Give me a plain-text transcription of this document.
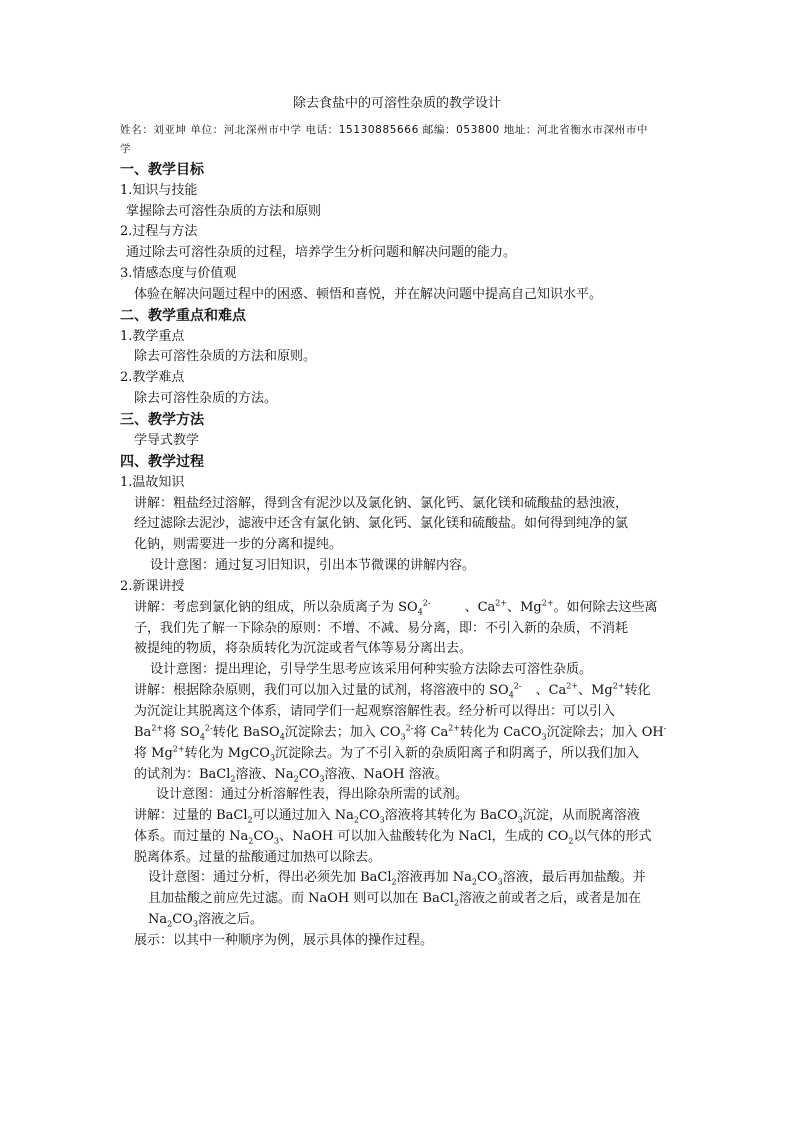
除去食盐中的可溶性杂质的教学设计
姓名：刘亚坤 单位：河北深州市中学 电话：15130885666 邮编：053800 地址：河北省衡水市深州市中
学
一、教学目标
1.知识与技能
掌握除去可溶性杂质的方法和原则
2.过程与方法
通过除去可溶性杂质的过程，培养学生分析问题和解决问题的能力。
3.情感态度与价值观
体验在解决问题过程中的困惑、顿悟和喜悦，并在解决问题中提高自己知识水平。
二、教学重点和难点
1.教学重点
除去可溶性杂质的方法和原则。
2.教学难点
除去可溶性杂质的方法。
三、教学方法
学导式教学
四、教学过程
1.温故知识
讲解：粗盐经过溶解，得到含有泥沙以及氯化钠、氯化钙、氯化镁和硫酸盐的悬浊液，
经过滤除去泥沙，滤液中还含有氯化钠、氯化钙、氯化镁和硫酸盐。如何得到纯净的氯
化钠，则需要进一步的分离和提纯。
设计意图：通过复习旧知识，引出本节微课的讲解内容。
2.新课讲授
讲解：考虑到氯化钠的组成，所以杂质离子为 $SO_4^{2-}$	、$Ca^{2+}$、$Mg^{2+}$。如何除去这些离
子，我们先了解一下除杂的原则：不增、不减、易分离，即：不引入新的杂质，不消耗
被提纯的物质，将杂质转化为沉淀或者气体等易分离出去。
设计意图：提出理论，引导学生思考应该采用何种实验方法除去可溶性杂质。
讲解：根据除杂原则，我们可以加入过量的试剂，将溶液中的 $SO_4^{2-}$ 、$Ca^{2+}$、$Mg^{2+}$转化
为沉淀让其脱离这个体系，请同学们一起观察溶解性表。经分析可以得出：可以引入
$Ba^{2+}$将 $SO_4^{2-}$转化 BaSO$_4$沉淀除去；加入 $CO_3^{2-}$将 $Ca^{2+}$转化为 CaCO$_3$沉淀除去；加入 OH-
将 $Mg^{2+}$转化为 MgCO$_3$沉淀除去。为了不引入新的杂质阳离子和阴离子，所以我们加入
的试剂为：BaCl$_2$溶液、$Na_2CO_3$溶液、NaOH 溶液。
设计意图：通过分析溶解性表，得出除杂所需的试剂。
讲解：过量的 BaCl$_2$可以通过加入 $Na_2CO_3$溶液将其转化为 BaCO$_3$沉淀，从而脱离溶液
体系。而过量的 $Na_2CO_3$、NaOH 可以加入盐酸转化为 NaCl，生成的 $CO_2$以气体的形式
脱离体系。过量的盐酸通过加热可以除去。
设计意图：通过分析，得出必须先加 BaCl$_2$溶液再加 $Na_2CO_3$溶液，最后再加盐酸。并
且加盐酸之前应先过滤。而 NaOH 则可以加在 BaCl$_2$溶液之前或者之后，或者是加在
$Na_2CO_3$溶液之后。
展示：以其中一种顺序为例，展示具体的操作过程。
